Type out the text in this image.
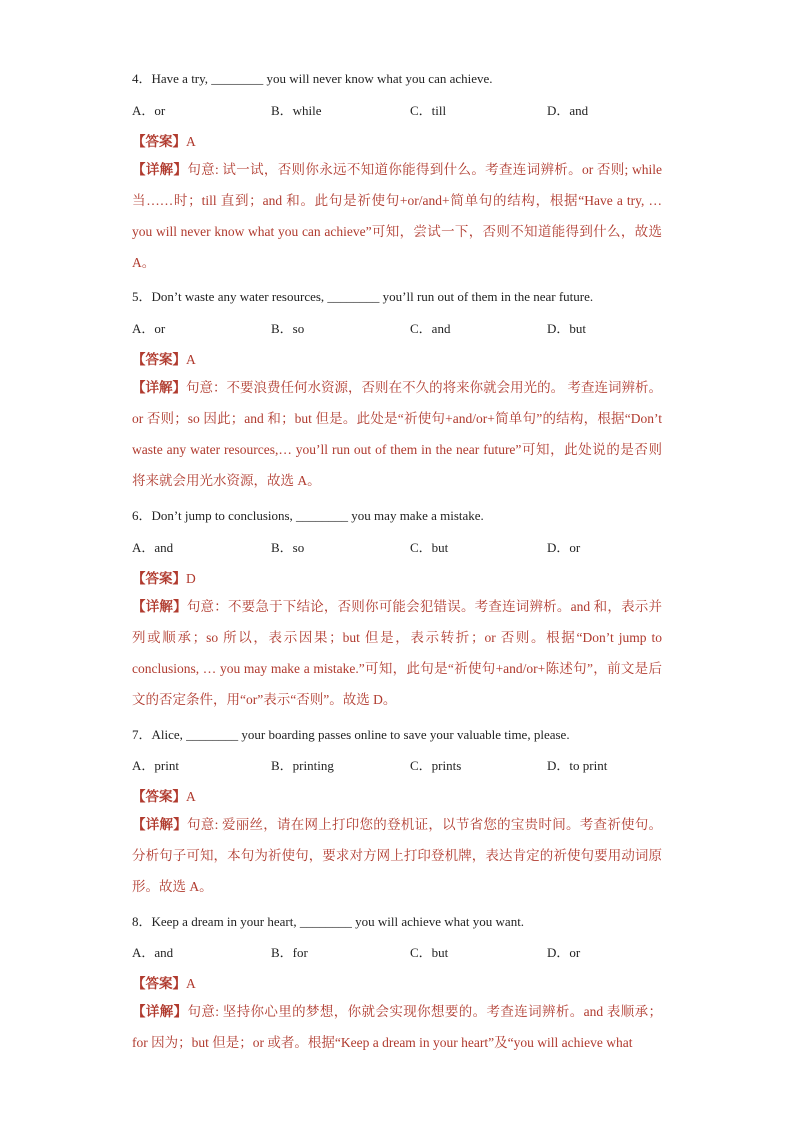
4．Have a try, ________ you will never know what you can achieve.
A．or	B．while	C．till	D．and
【答案】A
【详解】句意: 试一试，否则你永远不知道你能得到什么。考查连词辨析。or 否则; while 当……时；till 直到；and 和。此句是祈使句+or/and+简单句的结构，根据“Have a try, … you will never know what you can achieve”可知，尝试一下，否则不知道能得到什么，故选 A。
5．Don’t waste any water resources, ________ you’ll run out of them in the near future.
A．or	B．so	C．and	D．but
【答案】A
【详解】句意：不要浪费任何水资源，否则在不久的将来你就会用光的。 考查连词辨析。or 否则；so 因此；and 和；but 但是。此处是“祈使句+and/or+简单句”的结构，根据“Don’t waste any water resources,… you’ll run out of them in the near future”可知，此处说的是否则将来就会用光水资源，故选 A。
6．Don’t jump to conclusions, ________ you may make a mistake.
A．and	B．so	C．but	D．or
【答案】D
【详解】句意：不要急于下结论，否则你可能会犯错误。考查连词辨析。and 和，表示并列或顺承；so 所以，表示因果；but 但是，表示转折；or 否则。根据“Don’t jump to conclusions, … you may make a mistake.”可知，此句是“祈使句+and/or+陈述句”，前文是后文的否定条件，用“or”表示“否则”。故选 D。
7．Alice, ________ your boarding passes online to save your valuable time, please.
A．print	B．printing	C．prints	D．to print
【答案】A
【详解】句意: 爱丽丝，请在网上打印您的登机证，以节省您的宝贵时间。考查祈使句。分析句子可知，本句为祈使句，要求对方网上打印登机牌，表达肯定的祈使句要用动词原形。故选 A。
8．Keep a dream in your heart, ________ you will achieve what you want.
A．and	B．for	C．but	D．or
【答案】A
【详解】句意: 坚持你心里的梦想，你就会实现你想要的。考查连词辨析。and 表顺承；for 因为；but 但是；or 或者。根据“Keep a dream in your heart”及“you will achieve what
